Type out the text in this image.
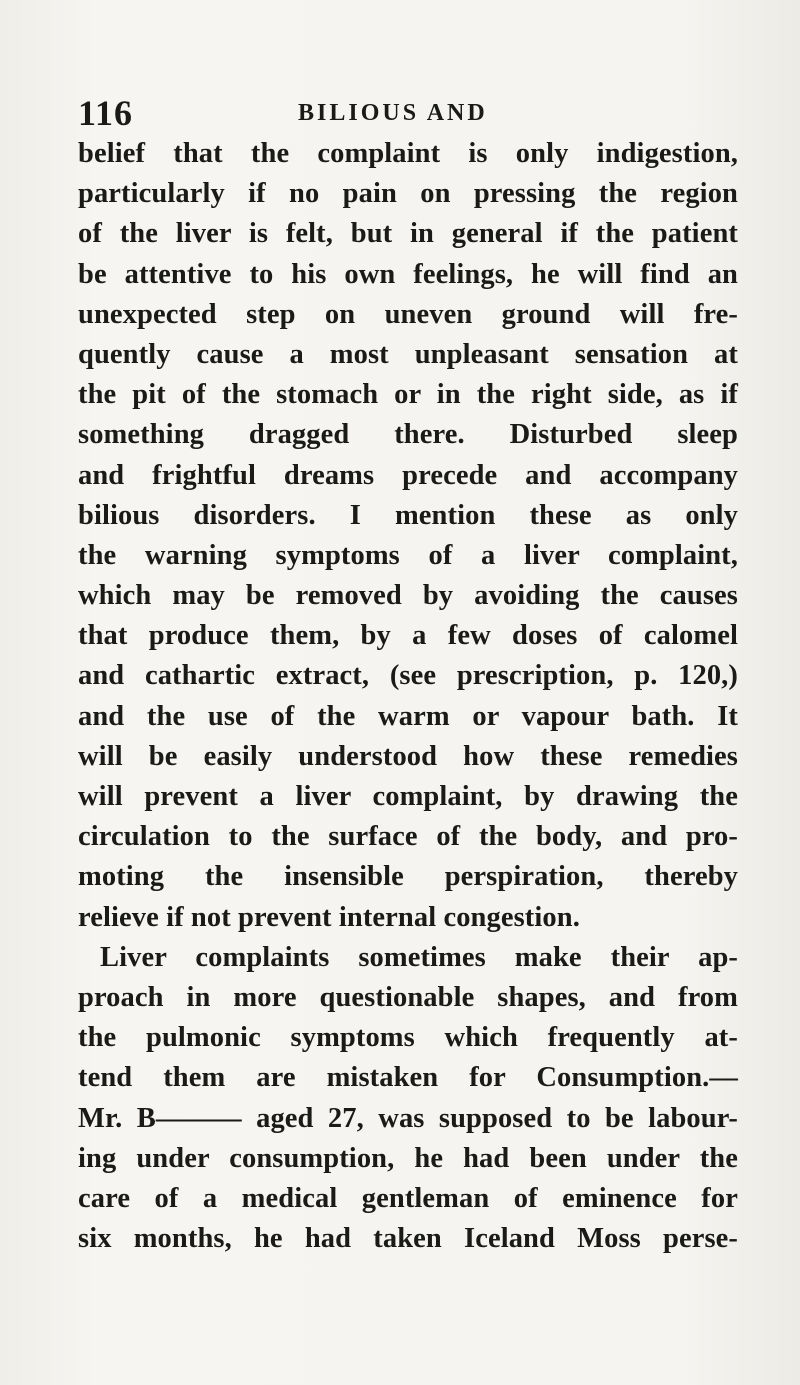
116	BILIOUS AND
belief that the complaint is only indigestion,
particularly if no pain on pressing the region
of the liver is felt, but in general if the patient
be attentive to his own feelings, he will find an
unexpected step on uneven ground will fre-
quently cause a most unpleasant sensation at
the pit of the stomach or in the right side, as if
something dragged there. Disturbed sleep
and frightful dreams precede and accompany
bilious disorders. I mention these as only
the warning symptoms of a liver complaint,
which may be removed by avoiding the causes
that produce them, by a few doses of calomel
and cathartic extract, (see prescription, p. 120,)
and the use of the warm or vapour bath. It
will be easily understood how these remedies
will prevent a liver complaint, by drawing the
circulation to the surface of the body, and pro-
moting the insensible perspiration, thereby
relieve if not prevent internal congestion.
Liver complaints sometimes make their ap-
proach in more questionable shapes, and from
the pulmonic symptoms which frequently at-
tend them are mistaken for Consumption.—
Mr. B——— aged 27, was supposed to be labour-
ing under consumption, he had been under the
care of a medical gentleman of eminence for
six months, he had taken Iceland Moss perse-
